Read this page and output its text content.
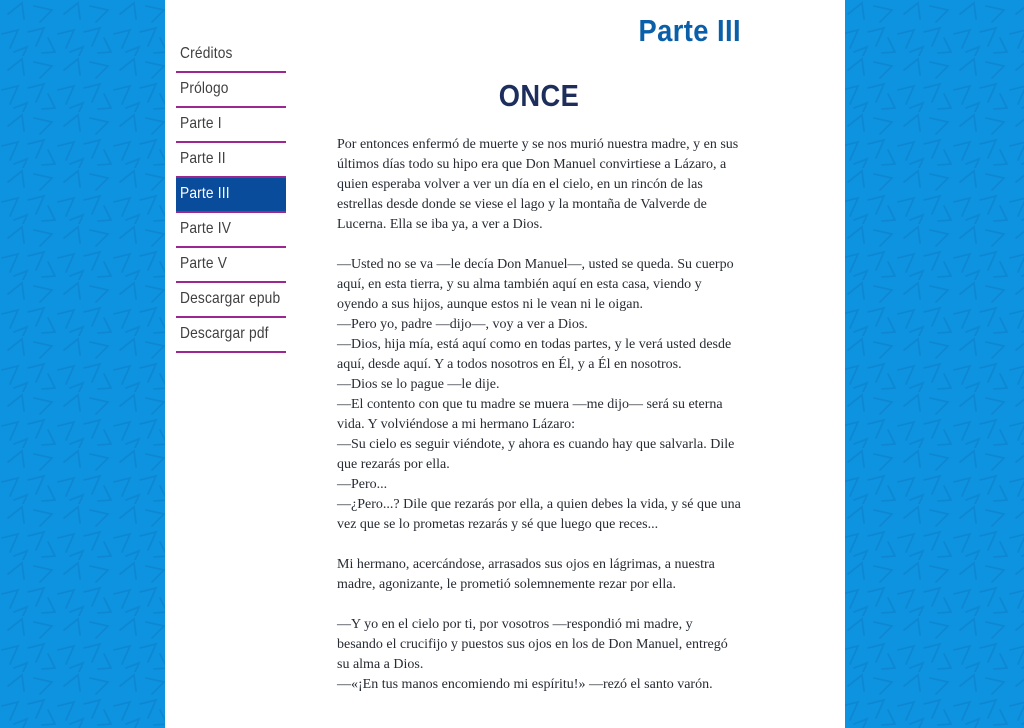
Créditos
Prólogo
Parte I
Parte II
Parte III
Parte IV
Parte V
Descargar epub
Descargar pdf
Parte III
ONCE

Por entonces enfermó de muerte y se nos murió nuestra madre, y en sus últimos días todo su hipo era que Don Manuel convirtiese a Lázaro, a quien esperaba volver a ver un día en el cielo, en un rincón de las estrellas desde donde se viese el lago y la montaña de Valverde de Lucerna. Ella se iba ya, a ver a Dios.

—Usted no se va —le decía Don Manuel—, usted se queda. Su cuerpo aquí, en esta tierra, y su alma también aquí en esta casa, viendo y oyendo a sus hijos, aunque estos ni le vean ni le oigan.

—Pero yo, padre —dijo—, voy a ver a Dios.

—Dios, hija mía, está aquí como en todas partes, y le verá usted desde aquí, desde aquí. Y a todos nosotros en Él, y a Él en nosotros.

—Dios se lo pague —le dije.

—El contento con que tu madre se muera —me dijo— será su eterna vida. Y volviéndose a mi hermano Lázaro:

—Su cielo es seguir viéndote, y ahora es cuando hay que salvarla. Dile que rezarás por ella.

—Pero...

—¿Pero...? Dile que rezarás por ella, a quien debes la vida, y sé que una vez que se lo prometas rezarás y sé que luego que reces...

Mi hermano, acercándose, arrasados sus ojos en lágrimas, a nuestra madre, agonizante, le prometió solemnemente rezar por ella.

—Y yo en el cielo por ti, por vosotros —respondió mi madre, y besando el crucifijo y puestos sus ojos en los de Don Manuel, entregó su alma a Dios.

—«¡En tus manos encomiendo mi espíritu!» —rezó el santo varón.
